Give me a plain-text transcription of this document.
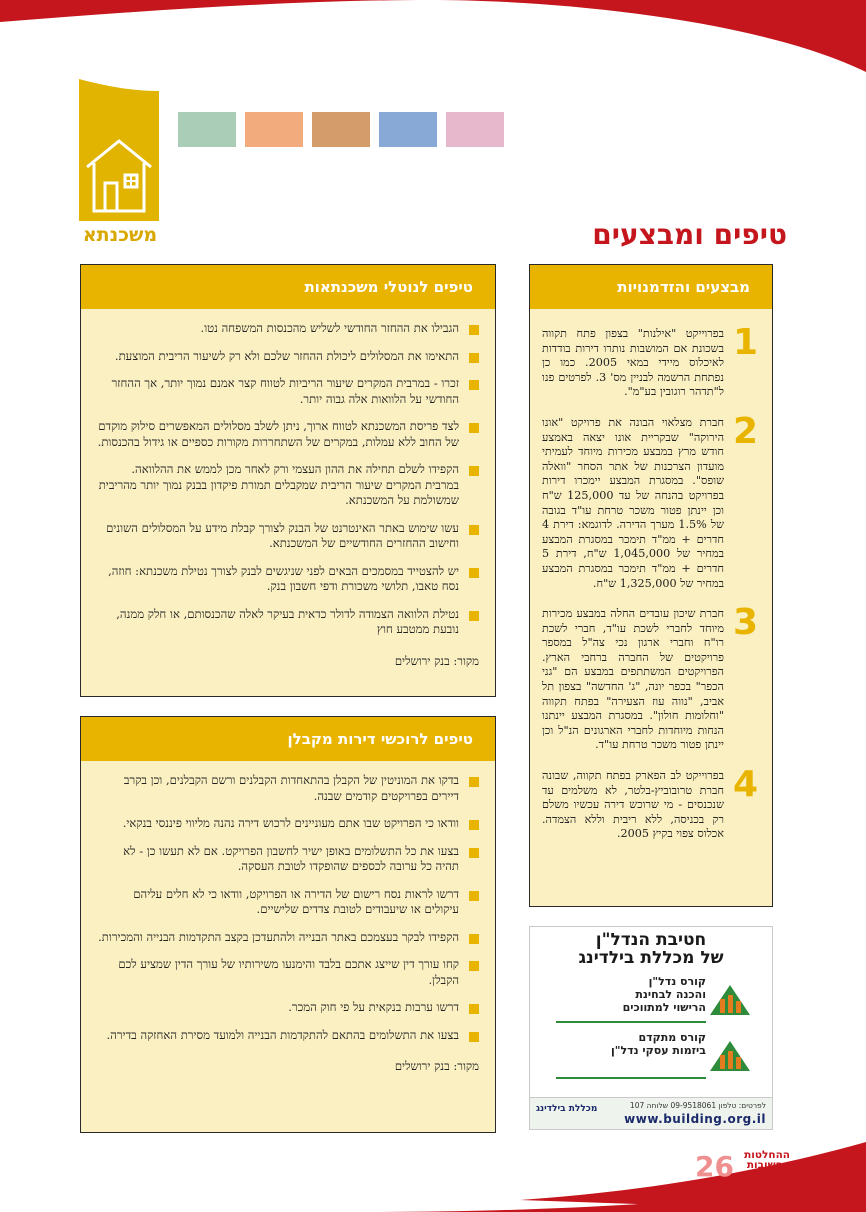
משכנתא	טיפים ומבצעים
טיפים לנוטלי משכנתאות
הגבילו את ההחזר החודשי לשליש מהכנסות המשפחה נטו.
התאימו את המסלולים ליכולת ההחזר שלכם ולא רק לשיעור הריבית המוצעת.
זכרו - במרבית המקרים שיעור הריביות לטווח קצר אמנם נמוך יותר, אך ההחזר החודשי על הלוואות אלה גבוה יותר.
לצד פריסת המשכנתא לטווח ארוך, ניתן לשלב מסלולים המאפשרים סילוק מוקדם של החוב ללא עמלות, במקרים של השתחררות מקורות כספיים או גידול בהכנסות.
הקפידו לשלם תחילה את ההון העצמי ורק לאחר מכן לממש את ההלוואה. במרבית המקרים שיעור הריבית שמקבלים תמורת פיקדון בבנק נמוך יותר מהריבית שמשולמת על המשכנתא.
עשו שימוש באתר האינטרנט של הבנק לצורך קבלת מידע על המסלולים השונים וחישוב ההחזרים החודשיים של המשכנתא.
יש להצטייד במסמכים הבאים לפני שניגשים לבנק לצורך נטילת משכנתא: חוזה, נסח טאבו, תלושי משכורת ודפי חשבון בנק.
נטילת הלוואה הצמודה לדולר כדאית בעיקר לאלה שהכנסותם, או חלק ממנה, נובעת ממטבע חוץ
מקור: בנק ירושלים
טיפים לרוכשי דירות מקבלן
בדקו את המוניטין של הקבלן בהתאחדות הקבלנים ורשם הקבלנים, וכן בקרב דיירים בפרויקטים קודמים שבנה.
וודאו כי הפרויקט שבו אתם מעוניינים לרכוש דירה נהנה מליווי פיננסי בנקאי.
בצעו את כל התשלומים באופן ישיר לחשבון הפרויקט. אם לא תעשו כן - לא תהיה כל ערובה לכספים שהופקדו לטובת העסקה.
דרשו לראות נסח רישום של הדירה או הפרויקט, וודאו כי לא חלים עליהם עיקולים או שיעבודים לטובת צדדים שלישיים.
הקפידו לבקר בעצמכם באתר הבנייה ולהתעדכן בקצב התקדמות הבנייה והמכירות.
קחו עורך דין שייצג אתכם בלבד והימנעו משירותיו של עורך הדין שמציע לכם הקבלן.
דרשו ערבות בנקאית על פי חוק המכר.
בצעו את התשלומים בהתאם להתקדמות הבנייה ולמועד מסירת האחזקה בדירה.
מקור: בנק ירושלים
מבצעים והזדמנויות
1
בפרוייקט "אילנות" בצפון פתח תקווה בשכונת אם המושבות נותרו דירות בודדות לאיכלוס מיידי במאי 2005. כמו כן נפתחת הרשמה לבניין מס' 3. לפרטים פנו ל"תדהר רוגובין בע"מ".
2
חברת מצלאוי הבונה את פרויקט "אונו הירוקה" שבקריית אונו יצאה באמצע חודש מרץ במבצע מכירות מיוחד לעמיתי מועדון הצרכנות של אתר הסחר "וואלה שופס". במסגרת המבצע יימכרו דירות בפרויקט בהנחה של עד 125,000 ש"ח וכן יינתן פטור משכר טרחת עו"ד בגובה של 1.5% מערך הדירה. לדוגמא: דירת 4 חדרים + ממ"ד תימכר במסגרת המבצע במחיר של 1,045,000 ש"ח, דירת 5 חדרים + ממ"ד תימכר במסגרת המבצע במחיר של 1,325,000 ש"ח.
3
חברת שיכון עובדים החלה במבצע מכירות מיוחד לחברי לשכת עו"ד, חברי לשכת רו"ח וחברי ארגון נכי צה"ל במספר פרויקטים של החברה ברחבי הארץ. הפרויקטים המשתתפים במבצע הם "גני הכפר" בכפר יונה, "ג' החדשה" בצפון תל אביב, "נווה עוז הצעירה" בפתח תקווה "וחלומות חולון". במסגרת המבצע יינתנו הנחות מיוחדות לחברי הארגונים הנ"ל וכן יינתן פטור משכר טרחת עו"ד.
4
בפרוייקט לב הפארק בפתח תקווה, שבונה חברת טרובוביץ-בלטר, לא משלמים עד שנכנסים - מי שרוכש דירה עכשיו משלם רק בכניסה, ללא ריבית וללא הצמדה. אכלוס צפוי בקיץ 2005.
חטיבת הנדל"ן
של מכללת בילדינג
קורס נדל"ן
והכנה לבחינת
הרישוי למתווכים
קורס מתקדם
ביזמות עסקי נדל"ן
לפרטים: טלפון 09-9518061 שלוחה 107
www.building.org.il
מכללת בילדינג
26 ההחלטות
החשובות
בחיים
